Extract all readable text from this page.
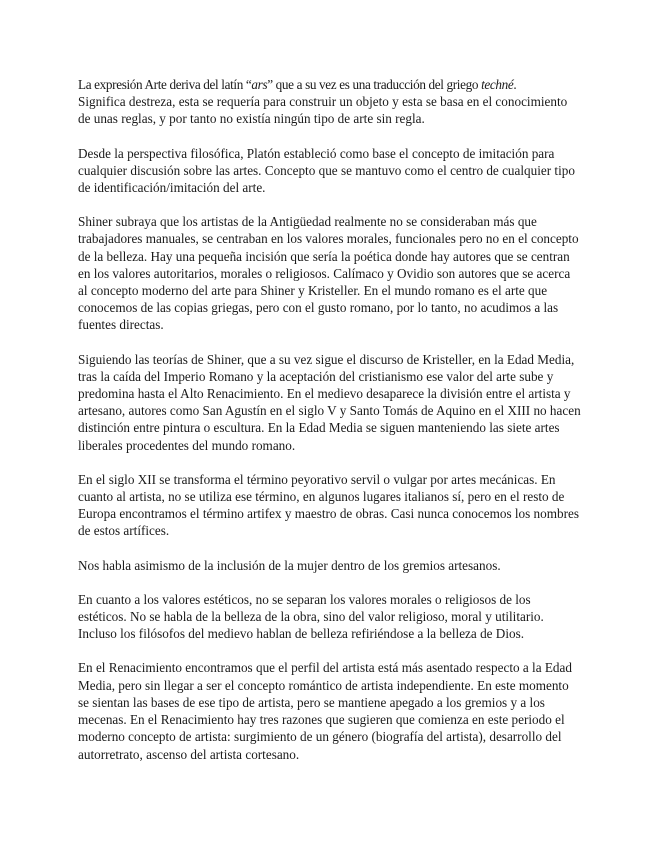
La expresión Arte deriva del latín “ars” que a su vez es una traducción del griego techné.
Significa destreza, esta se requería para construir un objeto y esta se basa en el conocimiento de unas reglas, y por tanto no existía ningún tipo de arte sin regla.

Desde la perspectiva filosófica, Platón estableció como base el concepto de imitación para cualquier discusión sobre las artes. Concepto que se mantuvo como el centro de cualquier tipo de identificación/imitación del arte.

Shiner subraya que los artistas de la Antigüedad realmente no se consideraban más que trabajadores manuales, se centraban en los valores morales, funcionales pero no en el concepto de la belleza. Hay una pequeña incisión que sería la poética donde hay autores que se centran en los valores autoritarios, morales o religiosos. Calímaco y Ovidio son autores que se acerca al concepto moderno del arte para Shiner y Kristeller. En el mundo romano es el arte que conocemos de las copias griegas, pero con el gusto romano, por lo tanto, no acudimos a las fuentes directas.

Siguiendo las teorías de Shiner, que a su vez sigue el discurso de Kristeller, en la Edad Media, tras la caída del Imperio Romano y la aceptación del cristianismo ese valor del arte sube y predomina hasta el Alto Renacimiento. En el medievo desaparece la división entre el artista y artesano, autores como San Agustín en el siglo V y Santo Tomás de Aquino en el XIII no hacen distinción entre pintura o escultura. En la Edad Media se siguen manteniendo las siete artes liberales procedentes del mundo romano.

En el siglo XII se transforma el término peyorativo servil o vulgar por artes mecánicas. En cuanto al artista, no se utiliza ese término, en algunos lugares italianos sí, pero en el resto de Europa encontramos el término artifex y maestro de obras. Casi nunca conocemos los nombres de estos artífices.

Nos habla asimismo de la inclusión de la mujer dentro de los gremios artesanos.

En cuanto a los valores estéticos, no se separan los valores morales o religiosos de los estéticos. No se habla de la belleza de la obra, sino del valor religioso, moral y utilitario. Incluso los filósofos del medievo hablan de belleza refiriéndose a la belleza de Dios.

En el Renacimiento encontramos que el perfil del artista está más asentado respecto a la Edad Media, pero sin llegar a ser el concepto romántico de artista independiente. En este momento se sientan las bases de ese tipo de artista, pero se mantiene apegado a los gremios y a los mecenas. En el Renacimiento hay tres razones que sugieren que comienza en este periodo el moderno concepto de artista: surgimiento de un género (biografía del artista), desarrollo del autorretrato, ascenso del artista cortesano.
